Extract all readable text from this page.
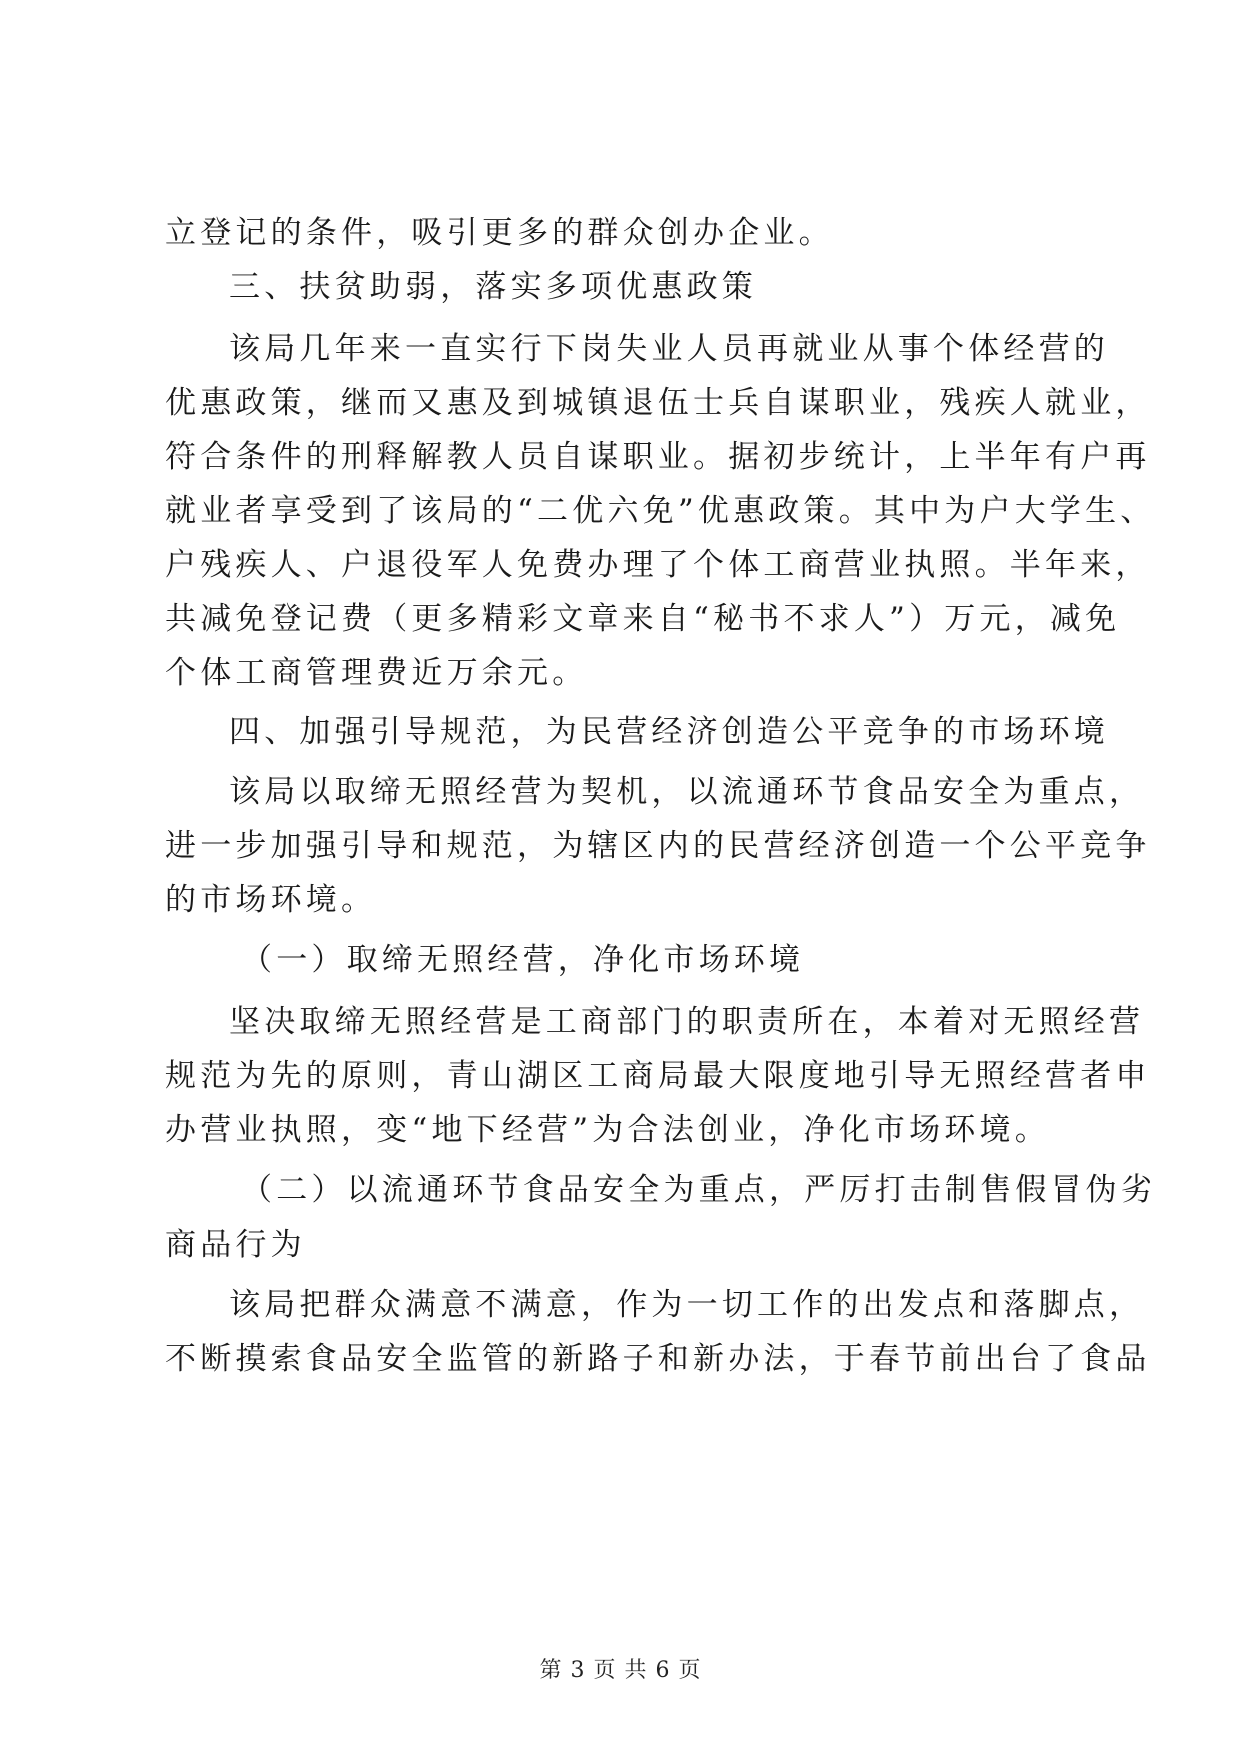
立登记的条件，吸引更多的群众创办企业。
三、扶贫助弱，落实多项优惠政策
该局几年来一直实行下岗失业人员再就业从事个体经营的
优惠政策，继而又惠及到城镇退伍士兵自谋职业，残疾人就业，
符合条件的刑释解教人员自谋职业。据初步统计，上半年有户再
就业者享受到了该局的“二优六免”优惠政策。其中为户大学生、
户残疾人、户退役军人免费办理了个体工商营业执照。半年来，
共减免登记费（更多精彩文章来自“秘书不求人”）万元，减免
个体工商管理费近万余元。
四、加强引导规范，为民营经济创造公平竞争的市场环境
该局以取缔无照经营为契机，以流通环节食品安全为重点，
进一步加强引导和规范，为辖区内的民营经济创造一个公平竞争
的市场环境。
（一）取缔无照经营，净化市场环境
坚决取缔无照经营是工商部门的职责所在，本着对无照经营
规范为先的原则，青山湖区工商局最大限度地引导无照经营者申
办营业执照，变“地下经营”为合法创业，净化市场环境。
（二）以流通环节食品安全为重点，严厉打击制售假冒伪劣
商品行为
该局把群众满意不满意，作为一切工作的出发点和落脚点，
不断摸索食品安全监管的新路子和新办法，于春节前出台了食品
第 3 页 共 6 页
